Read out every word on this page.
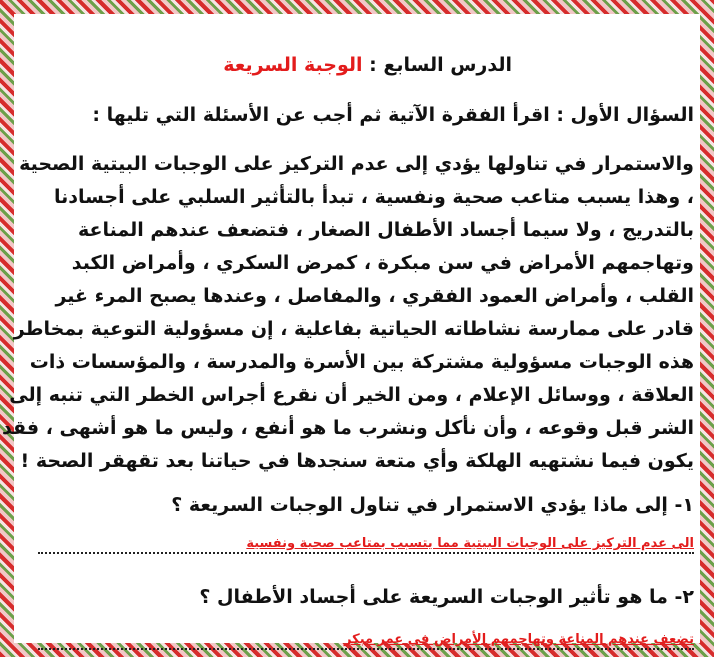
الدرس السابع : الوجبة السريعة
السؤال الأول : اقرأ الفقرة الآتية ثم أجب عن الأسئلة التي تليها :
والاستمرار في تناولها يؤدي إلى عدم التركيز على الوجبات البيتية الصحية
، وهذا يسبب متاعب صحية ونفسية ، تبدأ بالتأثير السلبي على أجسادنا
بالتدريج ، ولا سيما أجساد الأطفال الصغار ، فتضعف عندهم المناعة
وتهاجمهم الأمراض في سن مبكرة ، كمرض السكري ، وأمراض الكبد
القلب ، وأمراض العمود الفقري ، والمفاصل ، وعندها يصبح المرء غير
قادر على ممارسة نشاطاته الحياتية بفاعلية ، إن مسؤولية التوعية بمخاطر
هذه الوجبات مسؤولية مشتركة بين الأسرة والمدرسة ، والمؤسسات ذات
العلاقة ، ووسائل الإعلام ، ومن الخير أن نقرع أجراس الخطر التي تنبه إلى
الشر قبل وقوعه ، وأن نأكل ونشرب ما هو أنفع ، وليس ما هو أشهى ، فقد
يكون فيما نشتهيه الهلكة وأي متعة سنجدها في حياتنا بعد تقهقر الصحة !
١- إلى ماذا يؤدي الاستمرار في تناول الوجبات السريعة ؟
الى عدم التركيز على الوجبات البيتية مما يتسبب بمتاعب صحية ونفسية
٢- ما هو تأثير الوجبات السريعة على أجساد الأطفال ؟
تضعف عندهم المناعة وتهاجمهم الأمراض في عمر مبكر
